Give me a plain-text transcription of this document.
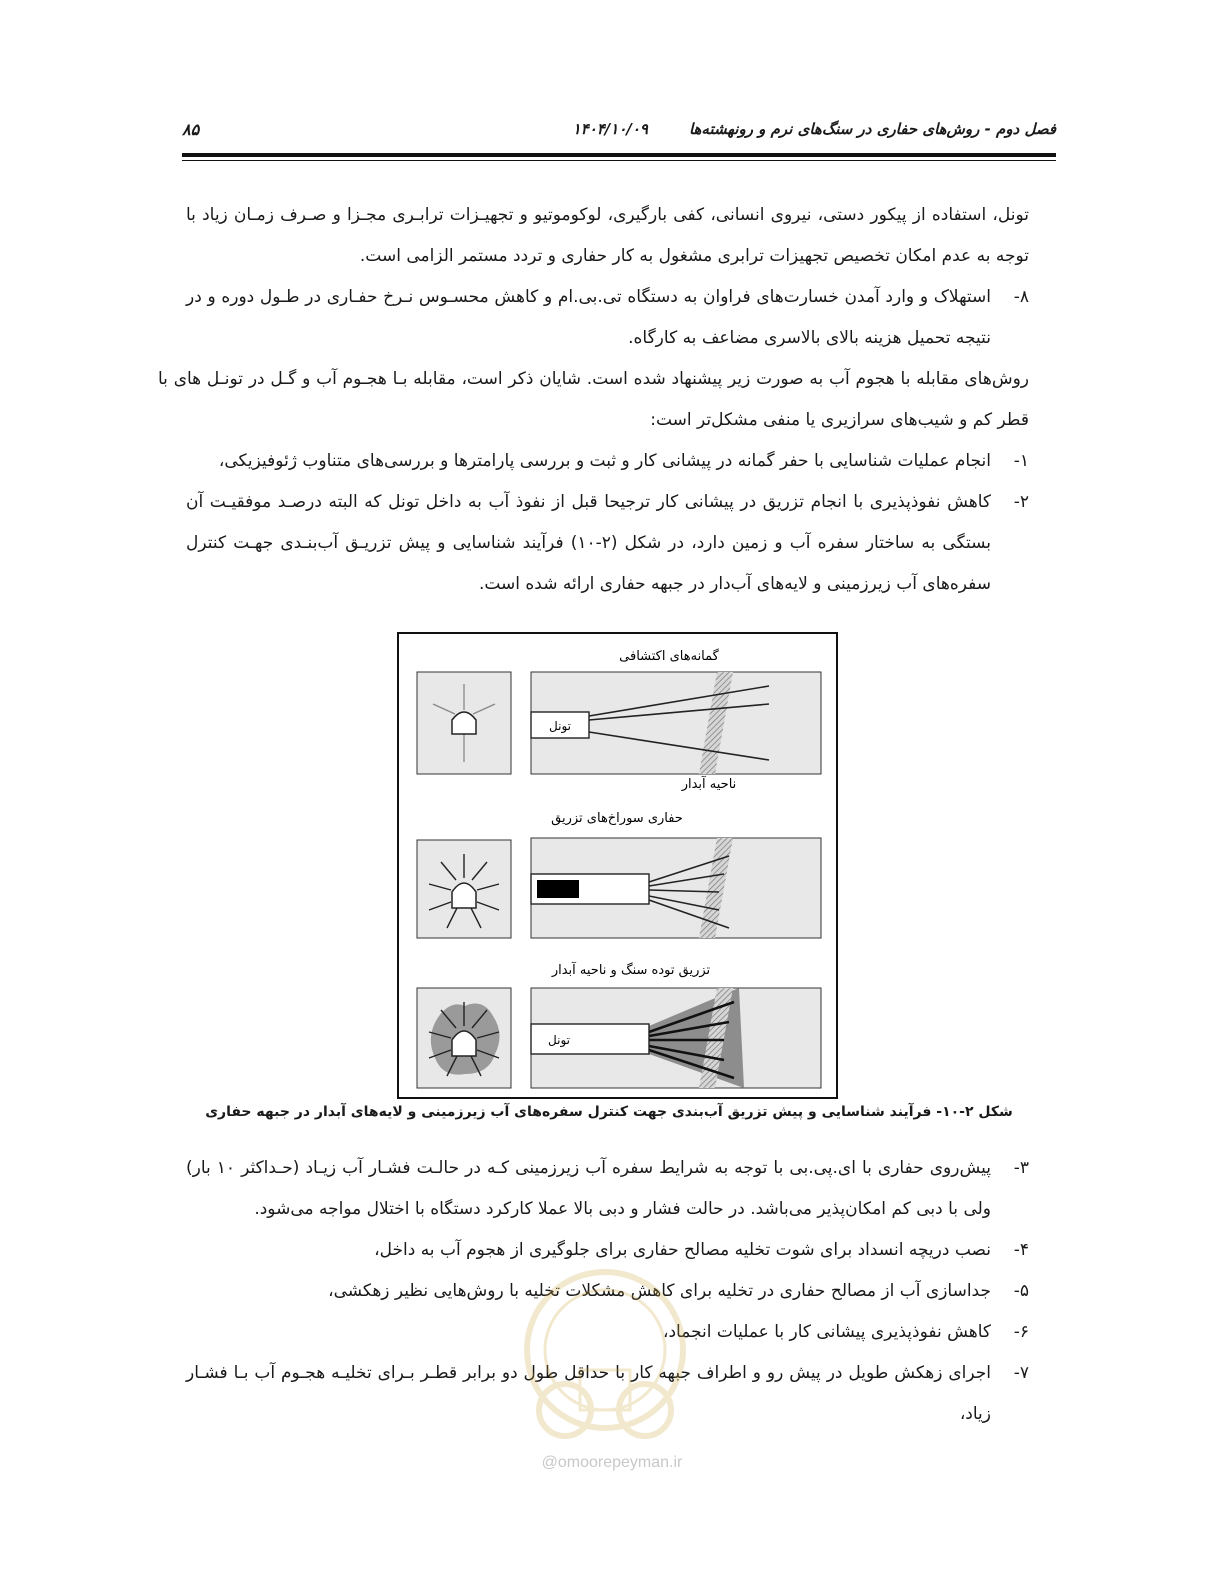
فصل دوم - روش‌های حفاری در سنگ‌های نرم و رونهشته‌ها
۱۴۰۴/۱۰/۰۹
۸۵

تونل، استفاده از پیکور دستی، نیروی انسانی، کفی بارگیری، لوکوموتیو و تجهیـزات ترابـری مجـزا و صـرف زمـان زیاد با توجه به عدم امکان تخصیص تجهیزات ترابری مشغول به کار حفاری و تردد مستمر الزامی است.

۸-
استهلاک و وارد آمدن خسارت‌های فراوان به دستگاه تی.بی.ام و کاهش محسـوس نـرخ حفـاری در طـول دوره و در نتیجه تحمیل هزینه بالای بالاسری مضاعف به کارگاه.

روش‌های مقابله با هجوم آب به صورت زیر پیشنهاد شده است. شایان ذکر است، مقابله بـا هجـوم آب و گـل در تونـل های با قطر کم و شیب‌های سرازیری یا منفی مشکل‌تر است:

۱-
انجام عملیات شناسایی با حفر گمانه در پیشانی کار و ثبت و بررسی پارامترها و بررسی‌های متناوب ژئوفیزیکی،
۲-
کاهش نفوذپذیری با انجام تزریق در پیشانی کار ترجیحا قبل از نفوذ آب به داخل تونل که البته درصـد موفقیـت آن بستگی به ساختار سفره آب و زمین دارد، در شکل (۲-۱۰) فرآیند شناسایی و پیش تزریـق آب‌بنـدی جهـت کنترل سفره‌های آب زیرزمینی و لایه‌های آب‌دار در جبهه حفاری ارائه شده است.
گمانه‌های اکتشافی
تونل
ناحیه آبدار
حفاری سوراخ‌های تزریق
تزریق توده سنگ و ناحیه آبدار
تونل
شکل ۲-۱۰- فرآیند شناسایی و پیش تزریق آب‌بندی جهت کنترل سفره‌های آب زیرزمینی و لایه‌های آبدار در جبهه حفاری
۳-
پیش‌روی حفاری با ای.پی.بی با توجه به شرایط سفره آب زیرزمینی کـه در حالـت فشـار آب زیـاد (حـداکثر ۱۰ بار) ولی با دبی کم امکان‌پذیر می‌باشد. در حالت فشار و دبی بالا عملا کارکرد دستگاه با اختلال مواجه می‌شود.
۴-
نصب دریچه انسداد برای شوت تخلیه مصالح حفاری برای جلوگیری از هجوم آب به داخل،
۵-
جداسازی آب از مصالح حفاری در تخلیه برای کاهش مشکلات تخلیه با روش‌هایی نظیر زهکشی،
۶-
کاهش نفوذپذیری پیشانی کار با عملیات انجماد،
۷-
اجرای زهکش طویل در پیش رو و اطراف جبهه کار با حداقل طول دو برابر قطـر بـرای تخلیـه هجـوم آب بـا فشـار زیاد،
@omoorepeyman.ir
